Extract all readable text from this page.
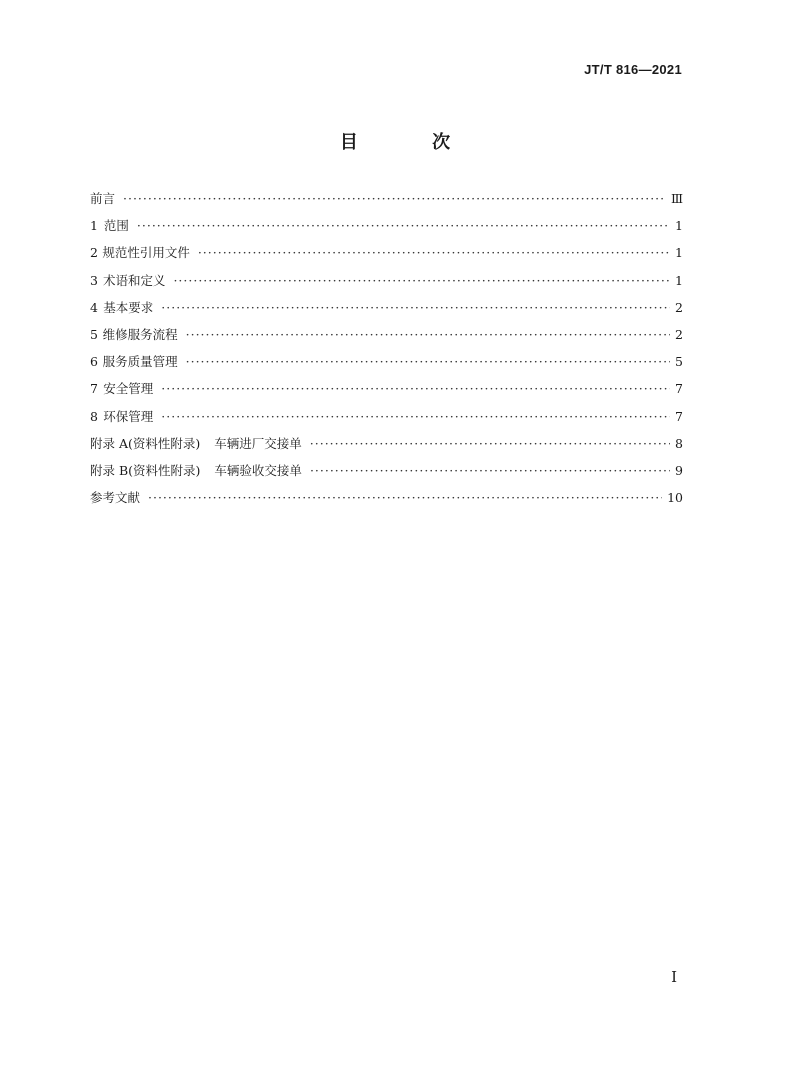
JT/T 816—2021
目 次
前言 ·····	Ⅲ
1 范围 ·····	1
2 规范性引用文件 ·····	1
3 术语和定义 ·····	1
4 基本要求 ·····	2
5 维修服务流程 ·····	2
6 服务质量管理 ·····	5
7 安全管理 ·····	7
8 环保管理 ·····	7
附录 A(资料性附录) 车辆进厂交接单 ·····	8
附录 B(资料性附录) 车辆验收交接单 ·····	9
参考文献 ·····	10
I
